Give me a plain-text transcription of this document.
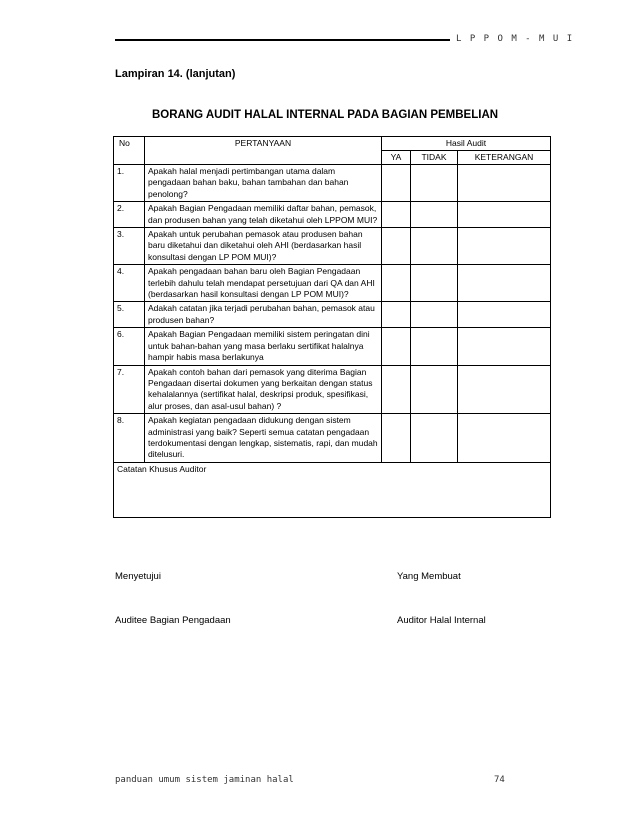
L P P O M - M U I
Lampiran 14. (lanjutan)
BORANG AUDIT HALAL INTERNAL PADA BAGIAN PEMBELIAN
No	PERTANYAAN	Hasil Audit		
		YA	TIDAK	KETERANGAN
1.	Apakah halal menjadi pertimbangan utama dalam pengadaan bahan baku, bahan tambahan dan bahan penolong?			
2.	Apakah Bagian Pengadaan memiliki daftar bahan, pemasok, dan produsen bahan yang telah diketahui oleh LPPOM MUI?			
3.	Apakah untuk perubahan pemasok atau produsen bahan baru diketahui dan diketahui oleh AHI (berdasarkan hasil konsultasi dengan LP POM MUI)?			
4.	Apakah pengadaan bahan baru oleh Bagian Pengadaan terlebih dahulu telah mendapat persetujuan dari QA dan AHI (berdasarkan hasil konsultasi dengan LP POM MUI)?			
5.	Adakah catatan jika terjadi perubahan bahan, pemasok atau produsen bahan?			
6.	Apakah Bagian Pengadaan memiliki sistem peringatan dini untuk bahan-bahan yang masa berlaku sertifikat halalnya hampir habis masa berlakunya			
7.	Apakah contoh bahan dari pemasok yang diterima Bagian Pengadaan disertai dokumen yang berkaitan dengan status kehalalannya (sertifikat halal, deskripsi produk, spesifikasi, alur proses, dan asal-usul bahan) ?			
8.	Apakah kegiatan pengadaan didukung dengan sistem administrasi yang baik? Seperti semua catatan pengadaan terdokumentasi dengan lengkap, sistematis, rapi, dan mudah ditelusuri.			
Catatan Khusus Auditor				
Menyetujui	Yang Membuat
Auditee Bagian Pengadaan	Auditor Halal Internal
panduan umum sistem jaminan halal	74
